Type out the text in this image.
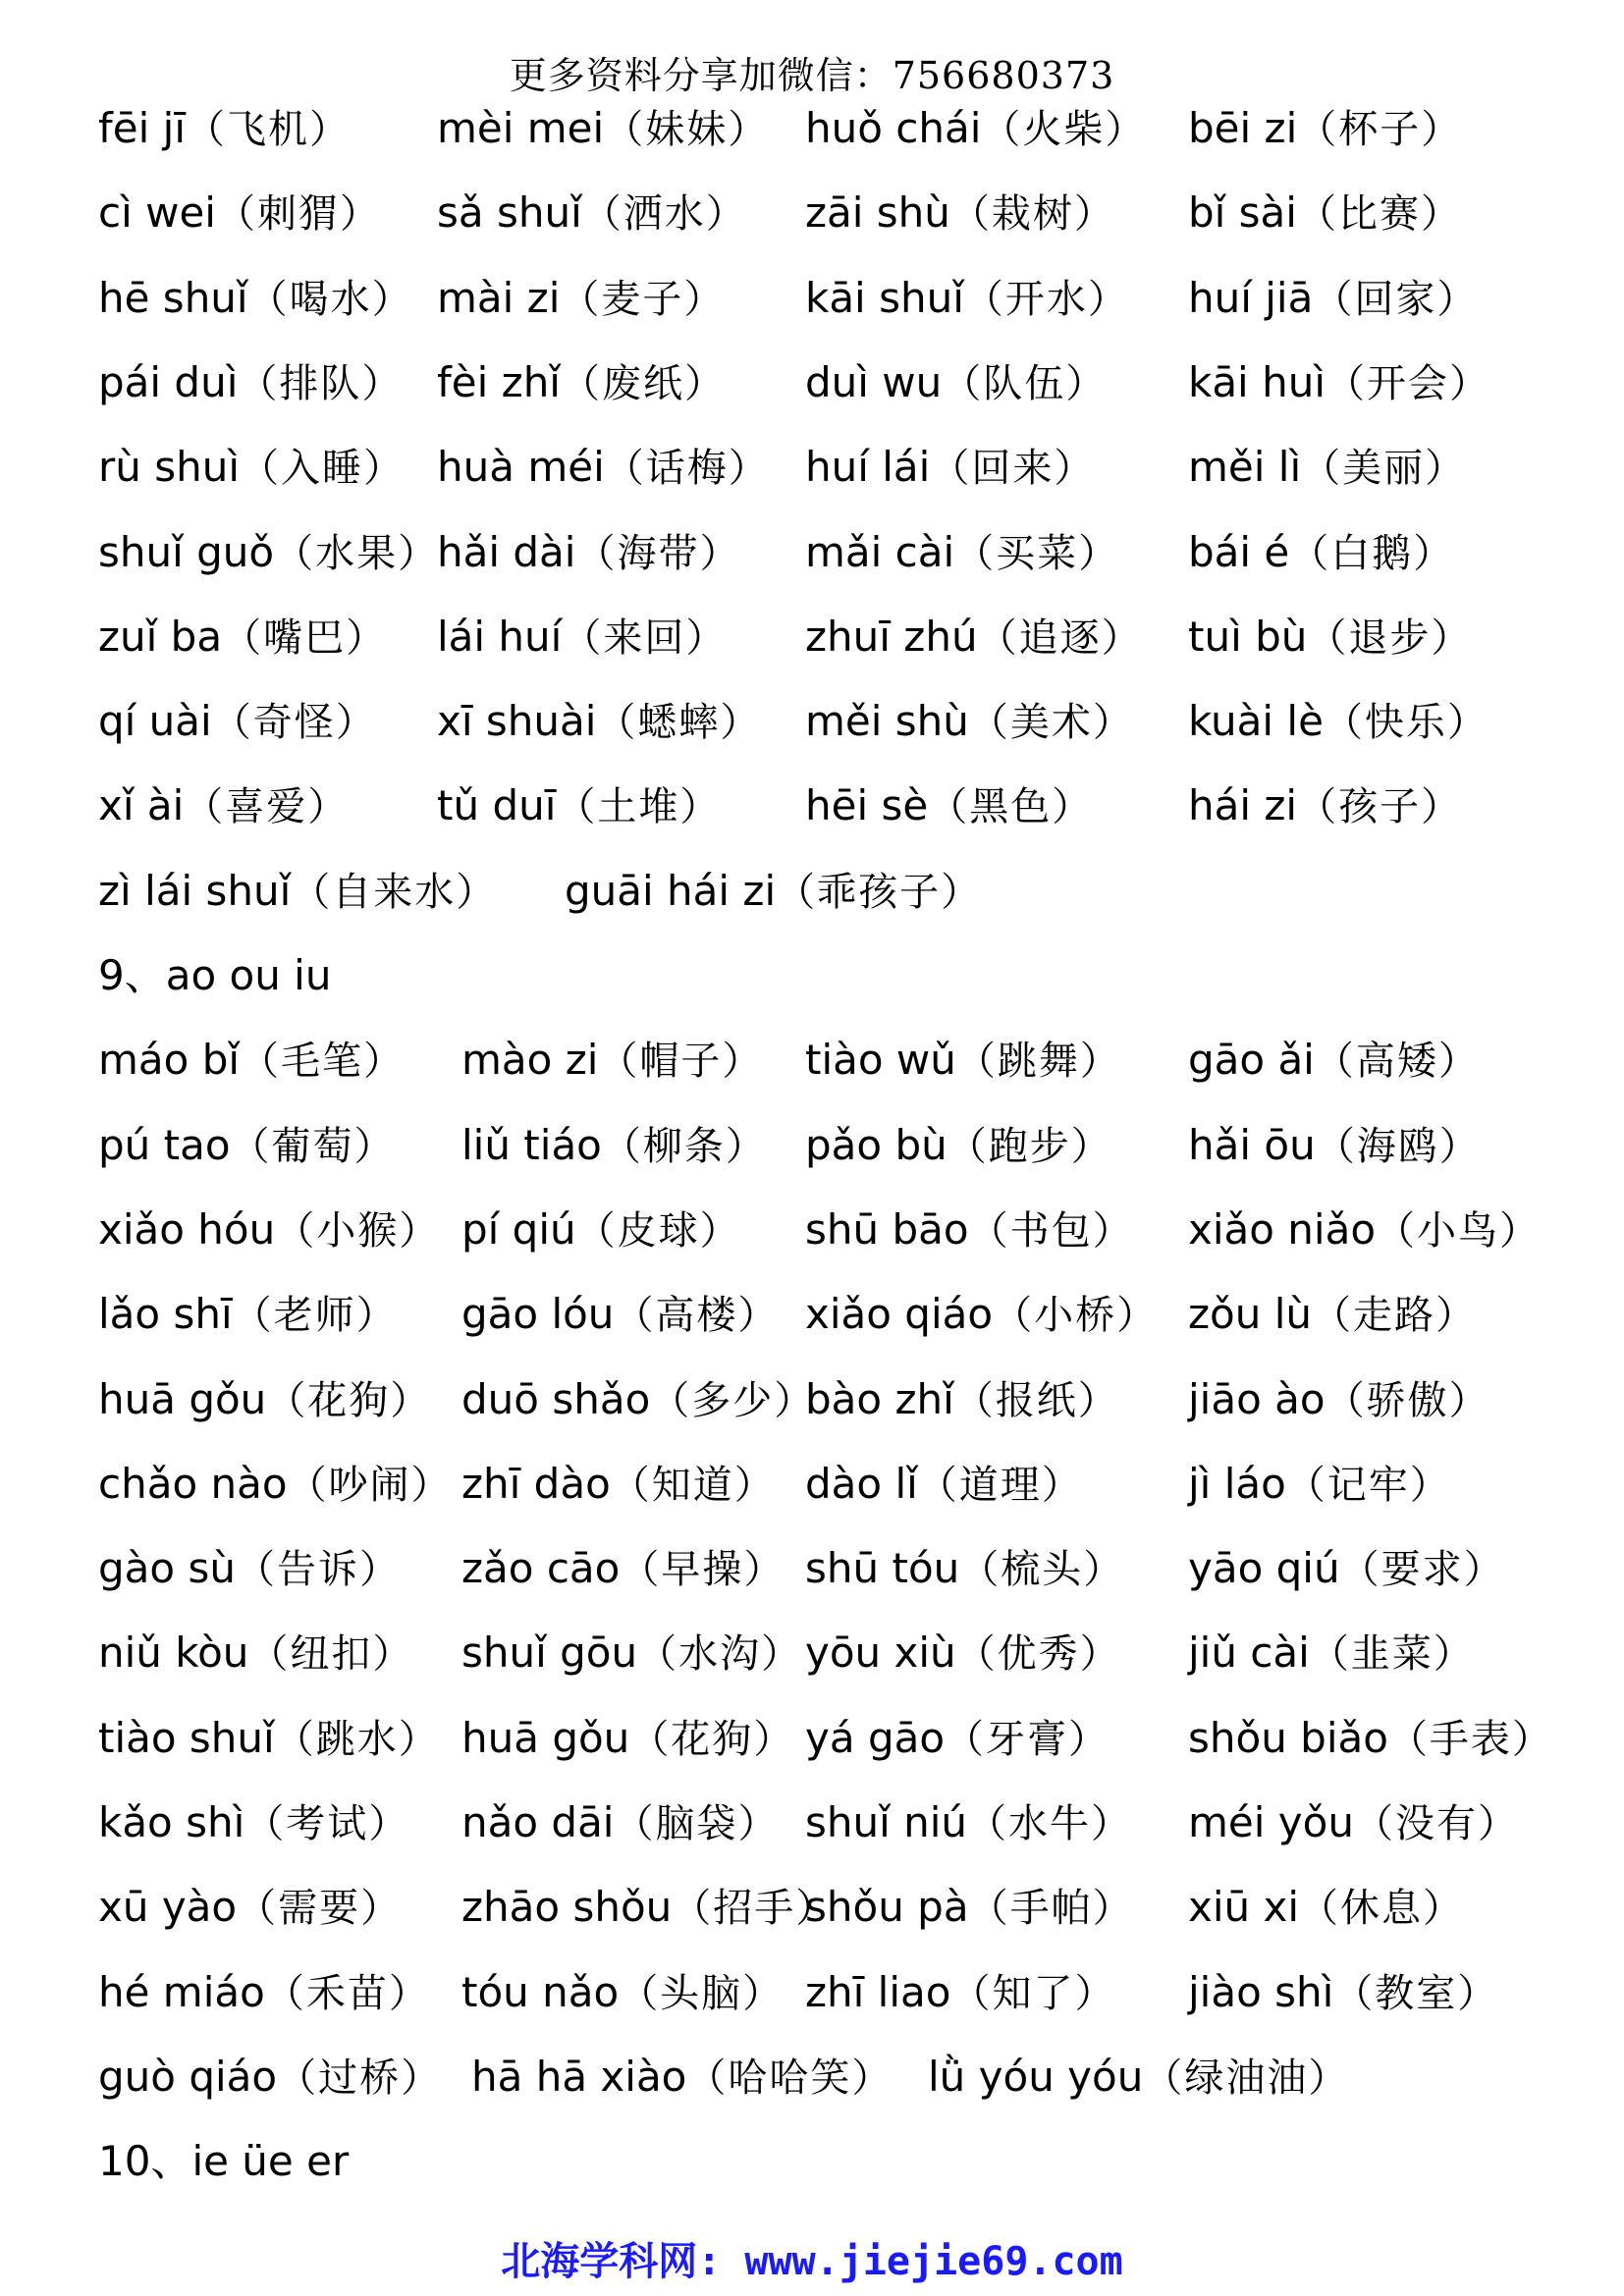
更多资料分享加微信：756680373
9、ao ou iu
10、ie üe er
fēi jī（飞机） mèi mei（妹妹） huǒ chái（火柴） bēi zi（杯子）
cì wei（刺猬） sǎ shuǐ（洒水） zāi shù（栽树） bǐ sài（比赛）
hē shuǐ（喝水） mài zi（麦子） kāi shuǐ（开水） huí jiā（回家）
pái duì（排队） fèi zhǐ（废纸） duì wu（队伍） kāi huì（开会）
rù shuì（入睡） huà méi（话梅） huí lái（回来） měi lì（美丽）
shuǐ guǒ（水果）
hǎi dài（海带） mǎi cài（买菜） bái é（白鹅）
zuǐ ba（嘴巴） lái huí（来回） zhuī zhú（追逐） tuì bù（退步）
qí uài（奇怪） xī shuài（蟋蟀） měi shù（美术） kuài lè（快乐）
xǐ ài（喜爱） tǔ duī（土堆） hēi sè（黑色） hái zi（孩子）
zì lái shuǐ（自来水） guāi hái zi（乖孩子）
máo bǐ（毛笔） mào zi（帽子） tiào wǔ（跳舞） gāo ǎi（高矮）
pú tao（葡萄） liǔ tiáo（柳条） pǎo bù（跑步） hǎi ōu（海鸥）
xiǎo hóu（小猴） pí qiú（皮球） shū bāo（书包） xiǎo niǎo（小鸟）
lǎo shī（老师） gāo lóu（高楼） xiǎo qiáo（小桥） zǒu lù（走路）
huā gǒu（花狗） duō shǎo（多少）
bào zhǐ（报纸） jiāo ào（骄傲）
chǎo nào（吵闹） zhī dào（知道） dào lǐ（道理）	jì láo（记牢）
gào sù（告诉） zǎo cāo（早操） shū tóu（梳头） yāo qiú（要求）
niǔ kòu（纽扣） shuǐ gōu（水沟） yōu xiù（优秀） jiǔ cài（韭菜）
tiào shuǐ（跳水） huā gǒu（花狗） yá gāo（牙膏） shǒu biǎo（手表）
kǎo shì（考试） nǎo dāi（脑袋） shuǐ niú（水牛） méi yǒu（没有）
xū yào（需要） zhāo shǒu（招手）
shǒu pà（手帕） xiū xi（休息）
hé miáo（禾苗） tóu nǎo（头脑） zhī liao（知了） jiào shì（教室）
guò qiáo（过桥） hā hā xiào（哈哈笑） lǜ yóu yóu（绿油油）
北海学科网: www.jiejie69.com
